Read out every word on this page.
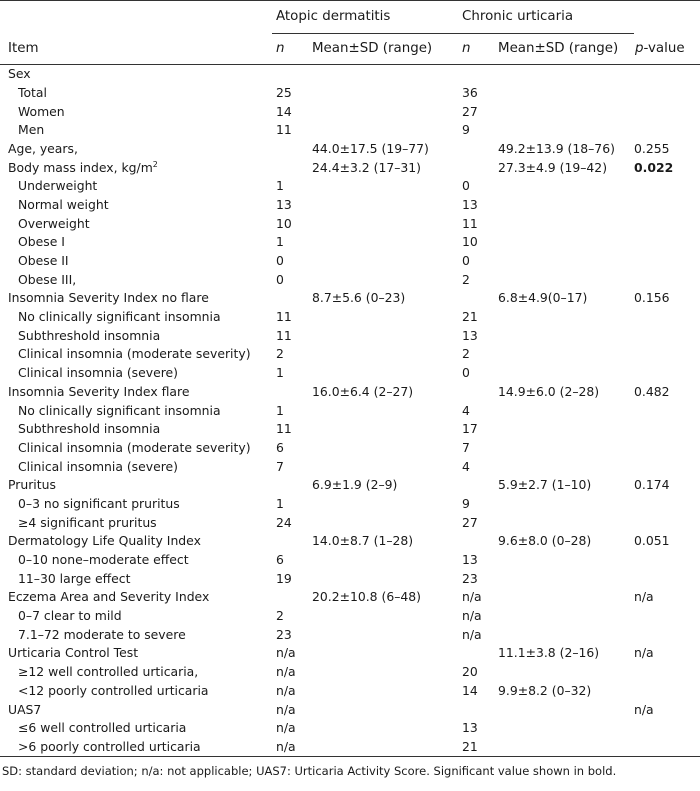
	Atopic dermatitis		Chronic urticaria		
Item	n	Mean±SD (range)	n	Mean±SD (range)	p-value
Sex					
Total	25		36		
Women	14		27		
Men	11		9		
Age, years,		44.0±17.5 (19–77)		49.2±13.9 (18–76)	0.255
Body mass index, $kg/m^2$		24.4±3.2 (17–31)		27.3±4.9 (19–42)	0.022
Underweight	1		0		
Normal weight	13		13		
Overweight	10		11		
Obese I	1		10		
Obese II	0		0		
Obese III,	0		2		
Insomnia Severity Index no flare		8.7±5.6 (0–23)		6.8±4.9(0–17)	0.156
No clinically significant insomnia	11		21		
Subthreshold insomnia	11		13		
Clinical insomnia (moderate severity)	2		2		
Clinical insomnia (severe)	1		0		
Insomnia Severity Index flare		16.0±6.4 (2–27)		14.9±6.0 (2–28)	0.482
No clinically significant insomnia	1		4		
Subthreshold insomnia	11		17		
Clinical insomnia (moderate severity)	6		7		
Clinical insomnia (severe)	7		4		
Pruritus		6.9±1.9 (2–9)		5.9±2.7 (1–10)	0.174
0–3 no significant pruritus	1		9		
≥4 significant pruritus	24		27		
Dermatology Life Quality Index		14.0±8.7 (1–28)		9.6±8.0 (0–28)	0.051
0–10 none–moderate effect	6		13		
11–30 large effect	19		23		
Eczema Area and Severity Index		20.2±10.8 (6–48)	n/a		n/a
0–7 clear to mild	2		n/a		
7.1–72 moderate to severe	23		n/a		
Urticaria Control Test	n/a			11.1±3.8 (2–16)	n/a
≥12 well controlled urticaria,	n/a		20		
<12 poorly controlled urticaria	n/a		14	9.9±8.2 (0–32)	
UAS7	n/a				n/a
≤6 well controlled urticaria	n/a		13		
>6 poorly controlled urticaria	n/a		21		
SD: standard deviation; n/a: not applicable; UAS7: Urticaria Activity Score. Significant value shown in bold.					
